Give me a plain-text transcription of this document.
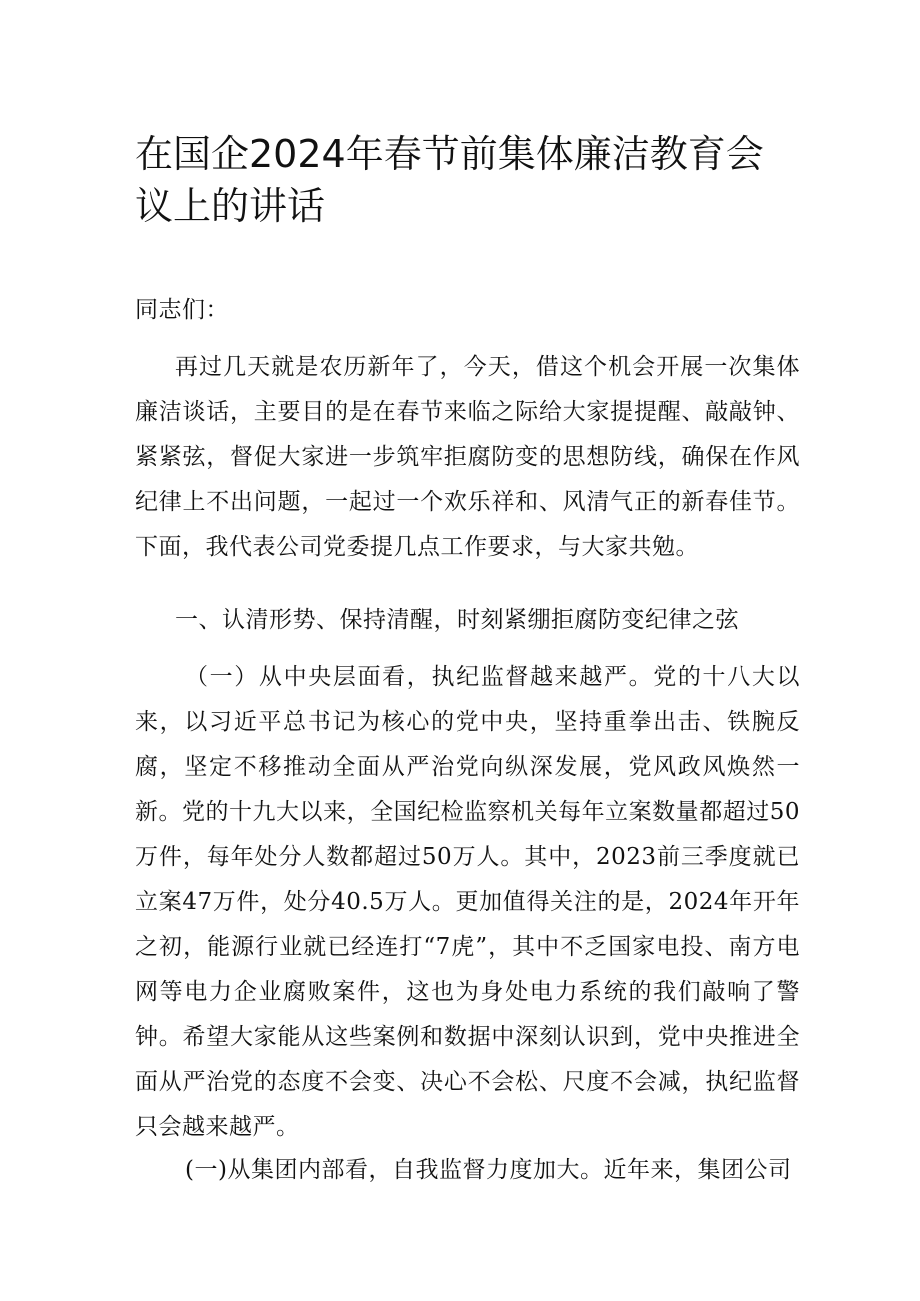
在国企2024年春节前集体廉洁教育会议上的讲话

同志们：

再过几天就是农历新年了，今天，借这个机会开展一次集体廉洁谈话，主要目的是在春节来临之际给大家提提醒、敲敲钟、紧紧弦，督促大家进一步筑牢拒腐防变的思想防线，确保在作风纪律上不出问题，一起过一个欢乐祥和、风清气正的新春佳节。下面，我代表公司党委提几点工作要求，与大家共勉。

一、认清形势、保持清醒，时刻紧绷拒腐防变纪律之弦

（一）从中央层面看，执纪监督越来越严。党的十八大以来，以习近平总书记为核心的党中央，坚持重拳出击、铁腕反腐，坚定不移推动全面从严治党向纵深发展，党风政风焕然一新。党的十九大以来，全国纪检监察机关每年立案数量都超过50万件，每年处分人数都超过50万人。其中，2023前三季度就已立案47万件，处分40.5万人。更加值得关注的是，2024年开年之初，能源行业就已经连打“7虎”，其中不乏国家电投、南方电网等电力企业腐败案件，这也为身处电力系统的我们敲响了警钟。希望大家能从这些案例和数据中深刻认识到，党中央推进全面从严治党的态度不会变、决心不会松、尺度不会减，执纪监督只会越来越严。

(一)从集团内部看，自我监督力度加大。近年来，集团公司
